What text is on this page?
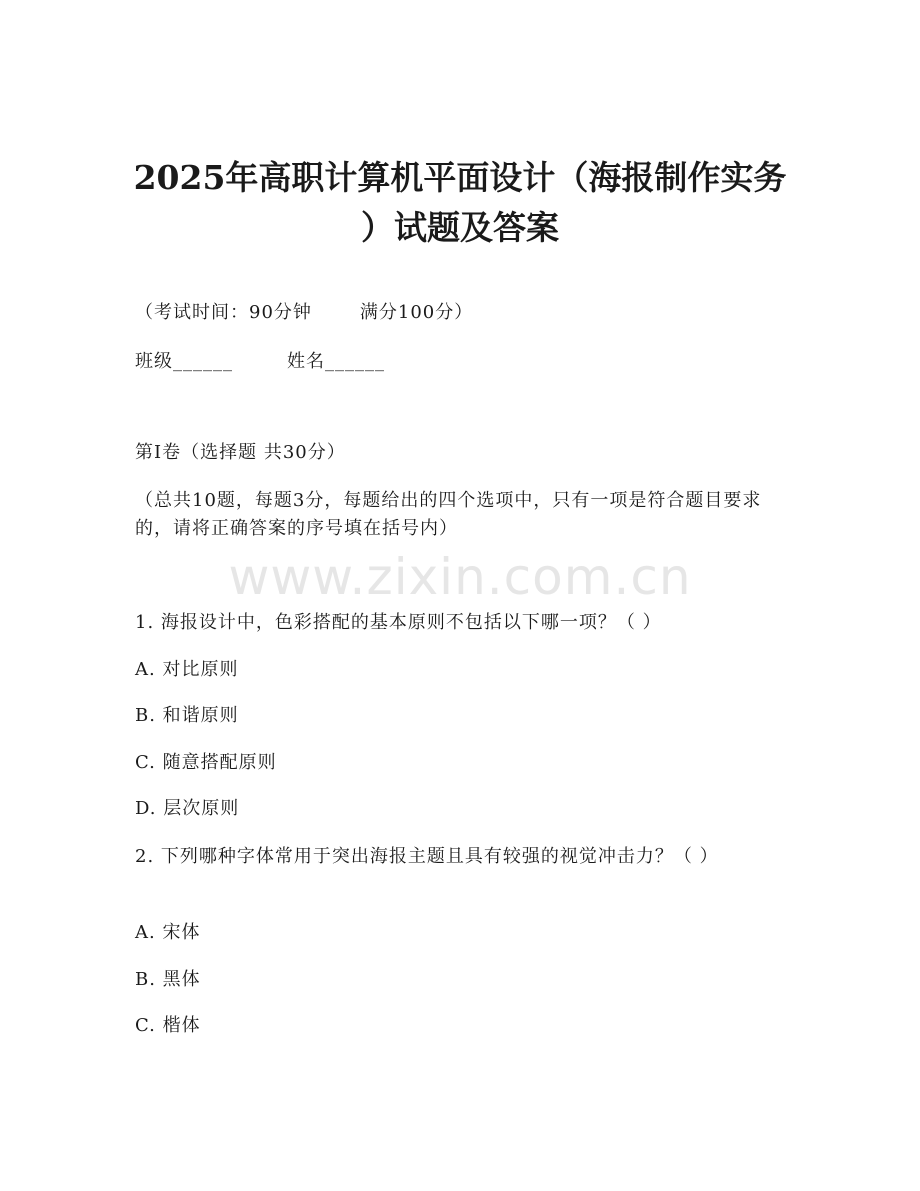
www.zixin.com.cn
2025年高职计算机平面设计（海报制作实务
）试题及答案
（考试时间：90分钟	满分100分）
班级______	姓名______
第I卷（选择题 共30分）
（总共10题，每题3分，每题给出的四个选项中，只有一项是符合题目要求的，请将正确答案的序号填在括号内）
1. 海报设计中，色彩搭配的基本原则不包括以下哪一项？（ ）
A. 对比原则
B. 和谐原则
C. 随意搭配原则
D. 层次原则
2. 下列哪种字体常用于突出海报主题且具有较强的视觉冲击力？（ ）
A. 宋体
B. 黑体
C. 楷体
